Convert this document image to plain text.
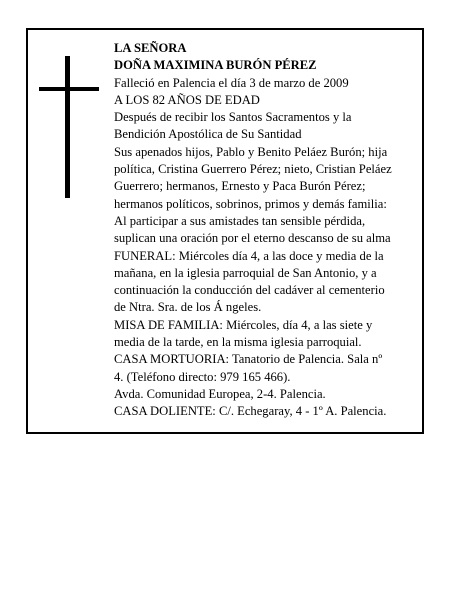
LA SEÑORA
DOÑA MAXIMINA BURÓN PÉREZ
Falleció en Palencia el día 3 de marzo de 2009
A LOS 82 AÑOS DE EDAD
Después de recibir los Santos Sacramentos y la
Bendición Apostólica de Su Santidad
Sus apenados hijos, Pablo y Benito Peláez Burón; hija
política, Cristina Guerrero Pérez; nieto, Cristian Peláez
Guerrero; hermanos, Ernesto y Paca Burón Pérez;
hermanos políticos, sobrinos, primos y demás familia:
Al participar a sus amistades tan sensible pérdida,
suplican una oración por el eterno descanso de su alma
FUNERAL: Miércoles día 4, a las doce y media de la
mañana, en la iglesia parroquial de San Antonio, y a
continuación la conducción del cadáver al cementerio
de Ntra. Sra. de los Á ngeles.
MISA DE FAMILIA: Miércoles, día 4, a las siete y
media de la tarde, en la misma iglesia parroquial.
CASA MORTUORIA: Tanatorio de Palencia. Sala nº
4. (Teléfono directo: 979 165 466).
Avda. Comunidad Europea, 2-4. Palencia.
CASA DOLIENTE: C/. Echegaray, 4 - 1º A. Palencia.
